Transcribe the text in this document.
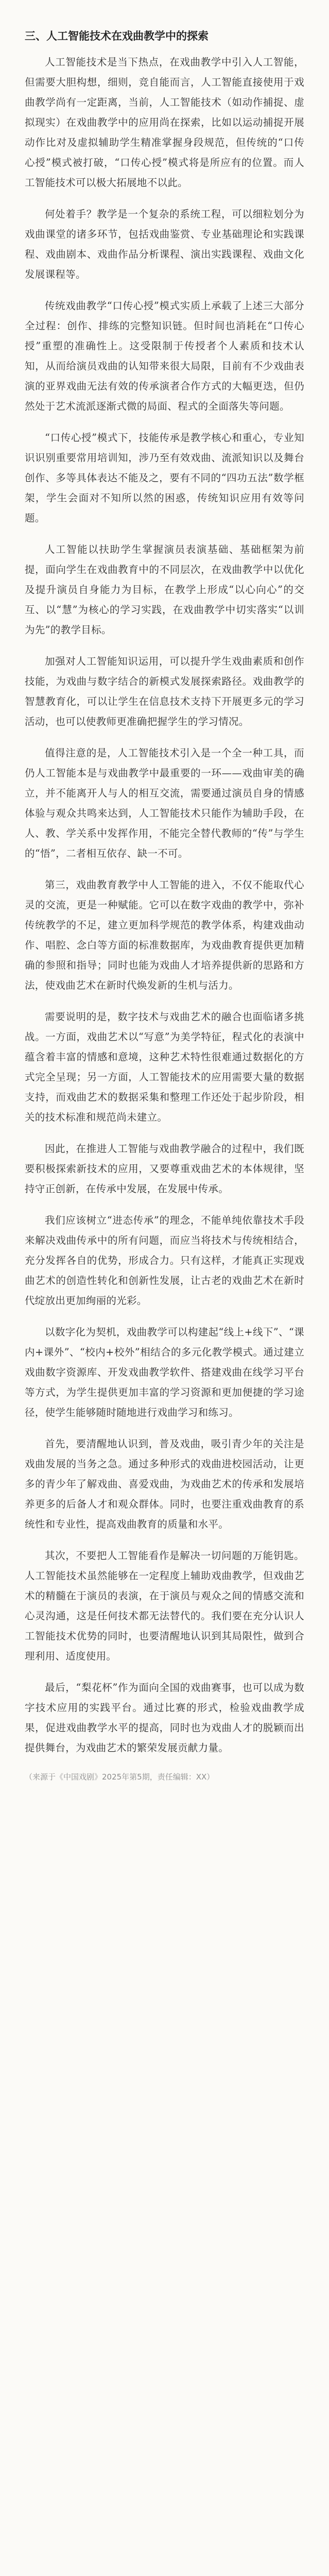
三、人工智能技术在戏曲教学中的探索
人工智能技术是当下热点，在戏曲教学中引入人工智能，但需要大胆构想，细则，竞自能而言，人工智能直接使用于戏曲教学尚有一定距离，当前，人工智能技术（如动作捕捉、虚拟现实）在戏曲教学中的应用尚在探索，比如以运动捕捉开展动作比对及虚拟辅助学生精准掌握身段规范，但传统的“口传心授”模式被打破，“口传心授”模式将是所应有的位置。而人工智能技术可以极大拓展地不以此。
何处着手？教学是一个复杂的系统工程，可以细粒划分为戏曲课堂的诸多环节，包括戏曲鉴赏、专业基础理论和实践课程、戏曲剧本、戏曲作品分析课程、演出实践课程、戏曲文化发展课程等。
传统戏曲教学“口传心授”模式实质上承载了上述三大部分全过程：创作、排练的完整知识链。但时间也消耗在“口传心授”重塑的准确性上。这受限制于传授者个人素质和技术认知，从而给演员戏曲的认知带来很大局限，目前有不少戏曲表演的亚界戏曲无法有效的传承演者合作方式的大幅更迭，但仍然处于艺术流派逐渐式微的局面、程式的全面落失等问题。
“口传心授”模式下，技能传承是教学核心和重心，专业知识识别重要常用培训知，涉乃至有效戏曲、流派知识以及舞台创作、多等具体表达不能及之，要有不同的“四功五法”数学框架，学生会面对不知所以然的困惑，传统知识应用有效等问题。
人工智能以扶助学生掌握演员表演基础、基础框架为前提，面向学生在戏曲教育中的不同层次，在戏曲教学中以优化及提升演员自身能力为目标，在教学上形成“以心向心”的交互、以“慧”为核心的学习实践，在戏曲教学中切实落实“以训为先”的教学目标。
加强对人工智能知识运用，可以提升学生戏曲素质和创作技能，为戏曲与数字结合的新模式发展探索路径。戏曲教学的智慧教育化，可以让学生在信息技术支持下开展更多元的学习活动，也可以使教师更准确把握学生的学习情况。
值得注意的是，人工智能技术引入是一个全一种工具，而仍人工智能本是与戏曲教学中最重要的一环——戏曲审美的确立，并不能离开人与人的相互交流，需要通过演员自身的情感体验与观众共鸣来达到，人工智能技术只能作为辅助手段，在人、教、学关系中发挥作用，不能完全替代教师的“传”与学生的“悟”，二者相互依存、缺一不可。
第三，戏曲教育教学中人工智能的进入，不仅不能取代心灵的交流，更是一种赋能。它可以在数字戏曲的教学中，弥补传统教学的不足，建立更加科学规范的教学体系，构建戏曲动作、唱腔、念白等方面的标准数据库，为戏曲教育提供更加精确的参照和指导；同时也能为戏曲人才培养提供新的思路和方法，使戏曲艺术在新时代焕发新的生机与活力。
需要说明的是，数字技术与戏曲艺术的融合也面临诸多挑战。一方面，戏曲艺术以“写意”为美学特征，程式化的表演中蕴含着丰富的情感和意境，这种艺术特性很难通过数据化的方式完全呈现；另一方面，人工智能技术的应用需要大量的数据支持，而戏曲艺术的数据采集和整理工作还处于起步阶段，相关的技术标准和规范尚未建立。
因此，在推进人工智能与戏曲教学融合的过程中，我们既要积极探索新技术的应用，又要尊重戏曲艺术的本体规律，坚持守正创新，在传承中发展，在发展中传承。
我们应该树立“进态传承”的理念，不能单纯依靠技术手段来解决戏曲传承中的所有问题，而应当将技术与传统相结合，充分发挥各自的优势，形成合力。只有这样，才能真正实现戏曲艺术的创造性转化和创新性发展，让古老的戏曲艺术在新时代绽放出更加绚丽的光彩。
以数字化为契机，戏曲教学可以构建起“线上+线下”、“课内+课外”、“校内+校外”相结合的多元化教学模式。通过建立戏曲数字资源库、开发戏曲教学软件、搭建戏曲在线学习平台等方式，为学生提供更加丰富的学习资源和更加便捷的学习途径，使学生能够随时随地进行戏曲学习和练习。
首先，要清醒地认识到，普及戏曲，吸引青少年的关注是戏曲发展的当务之急。通过多种形式的戏曲进校园活动，让更多的青少年了解戏曲、喜爱戏曲，为戏曲艺术的传承和发展培养更多的后备人才和观众群体。同时，也要注重戏曲教育的系统性和专业性，提高戏曲教育的质量和水平。
其次，不要把人工智能看作是解决一切问题的万能钥匙。人工智能技术虽然能够在一定程度上辅助戏曲教学，但戏曲艺术的精髓在于演员的表演，在于演员与观众之间的情感交流和心灵沟通，这是任何技术都无法替代的。我们要在充分认识人工智能技术优势的同时，也要清醒地认识到其局限性，做到合理利用、适度使用。
最后，“梨花杯”作为面向全国的戏曲赛事，也可以成为数字技术应用的实践平台。通过比赛的形式，检验戏曲教学成果，促进戏曲教学水平的提高，同时也为戏曲人才的脱颖而出提供舞台，为戏曲艺术的繁荣发展贡献力量。
（来源于《中国戏剧》2025年第5期，责任编辑：XX）
